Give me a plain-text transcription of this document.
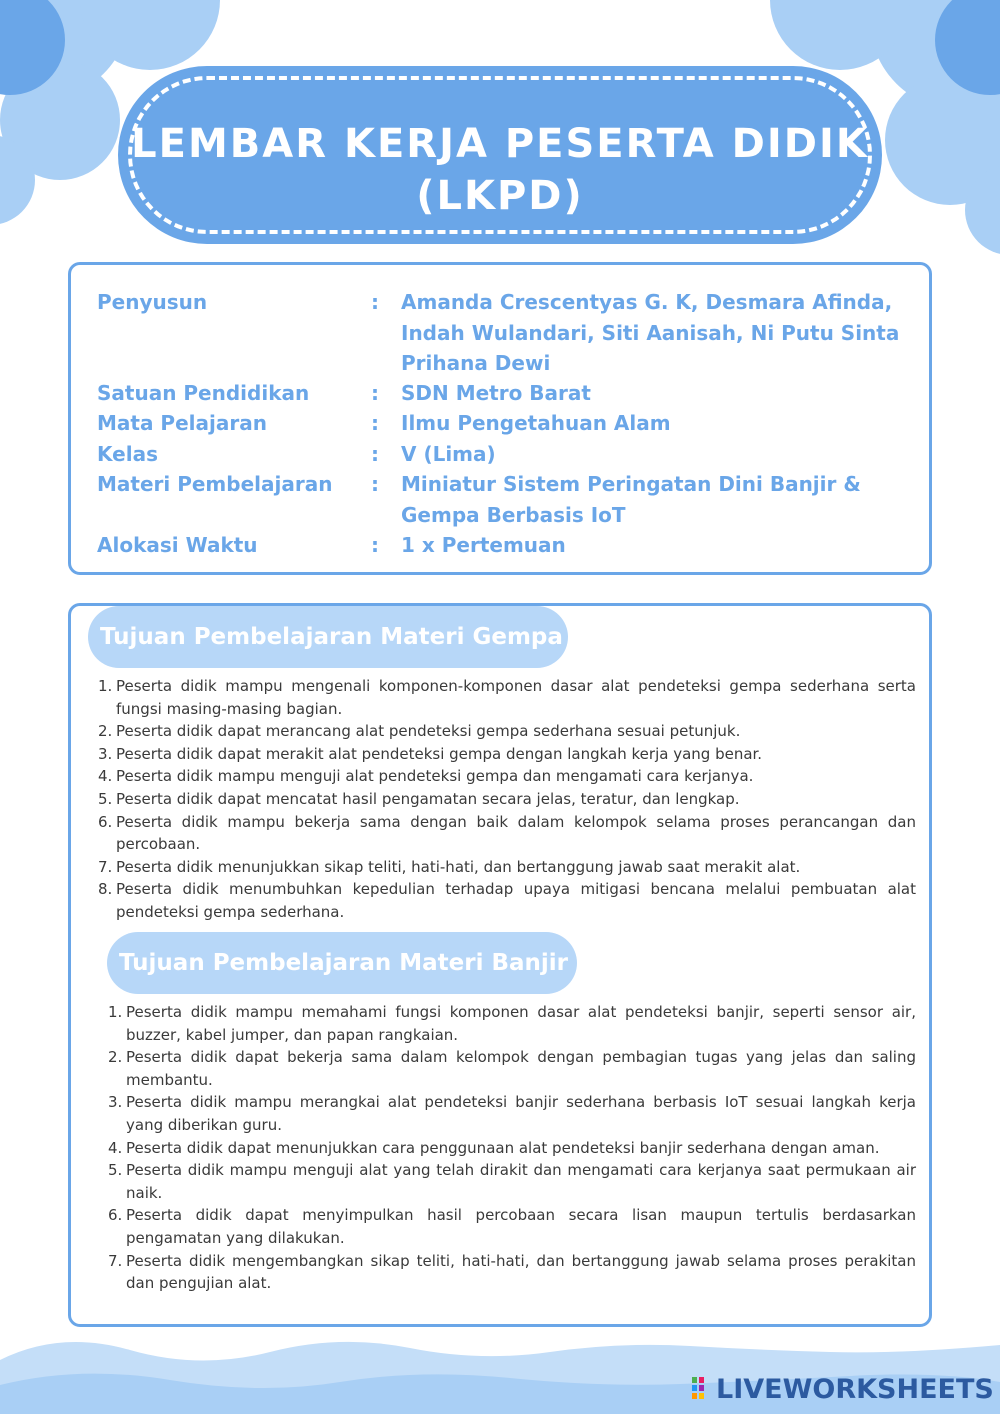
LEMBAR KERJA PESERTA DIDIK
(LKPD)
Penyusun	: Amanda Crescentyas G. K, Desmara Afinda, Indah Wulandari, Siti Aanisah, Ni Putu Sinta Prihana Dewi
Satuan Pendidikan	: SDN Metro Barat
Mata Pelajaran	: Ilmu Pengetahuan Alam
Kelas	: V (Lima)
Materi Pembelajaran	: Miniatur Sistem Peringatan Dini Banjir & Gempa Berbasis IoT
Alokasi Waktu	: 1 x Pertemuan
Tujuan Pembelajaran Materi Gempa
1. Peserta didik mampu mengenali komponen-komponen dasar alat pendeteksi gempa sederhana serta fungsi masing-masing bagian.
2. Peserta didik dapat merancang alat pendeteksi gempa sederhana sesuai petunjuk.
3. Peserta didik dapat merakit alat pendeteksi gempa dengan langkah kerja yang benar.
4. Peserta didik mampu menguji alat pendeteksi gempa dan mengamati cara kerjanya.
5. Peserta didik dapat mencatat hasil pengamatan secara jelas, teratur, dan lengkap.
6. Peserta didik mampu bekerja sama dengan baik dalam kelompok selama proses perancangan dan percobaan.
7. Peserta didik menunjukkan sikap teliti, hati-hati, dan bertanggung jawab saat merakit alat.
8. Peserta didik menumbuhkan kepedulian terhadap upaya mitigasi bencana melalui pembuatan alat pendeteksi gempa sederhana.
Tujuan Pembelajaran Materi Banjir
1. Peserta didik mampu memahami fungsi komponen dasar alat pendeteksi banjir, seperti sensor air, buzzer, kabel jumper, dan papan rangkaian.
2. Peserta didik dapat bekerja sama dalam kelompok dengan pembagian tugas yang jelas dan saling membantu.
3. Peserta didik mampu merangkai alat pendeteksi banjir sederhana berbasis IoT sesuai langkah kerja yang diberikan guru.
4. Peserta didik dapat menunjukkan cara penggunaan alat pendeteksi banjir sederhana dengan aman.
5. Peserta didik mampu menguji alat yang telah dirakit dan mengamati cara kerjanya saat permukaan air naik.
6. Peserta didik dapat menyimpulkan hasil percobaan secara lisan maupun tertulis berdasarkan pengamatan yang dilakukan.
7. Peserta didik mengembangkan sikap teliti, hati-hati, dan bertanggung jawab selama proses perakitan dan pengujian alat.
LIVEWORKSHEETS
